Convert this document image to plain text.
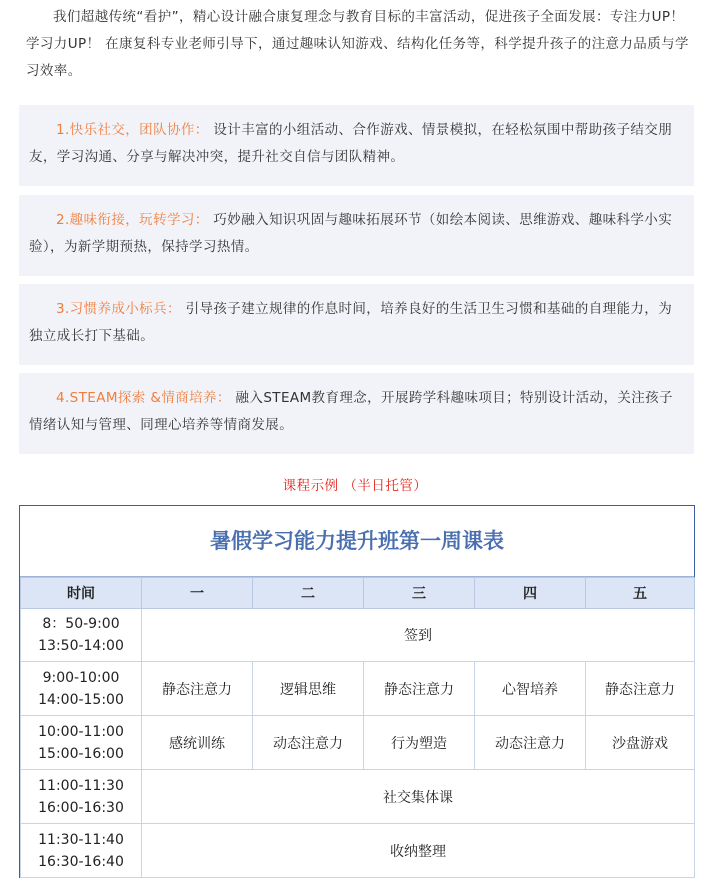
我们超越传统“看护”，精心设计融合康复理念与教育目标的丰富活动，促进孩子全面发展：专注力UP！学习力UP！ 在康复科专业老师引导下，通过趣味认知游戏、结构化任务等，科学提升孩子的注意力品质与学习效率。

1.快乐社交，团队协作： 设计丰富的小组活动、合作游戏、情景模拟，在轻松氛围中帮助孩子结交朋友，学习沟通、分享与解决冲突，提升社交自信与团队精神。
2.趣味衔接，玩转学习： 巧妙融入知识巩固与趣味拓展环节（如绘本阅读、思维游戏、趣味科学小实验），为新学期预热，保持学习热情。
3.习惯养成小标兵： 引导孩子建立规律的作息时间，培养良好的生活卫生习惯和基础的自理能力，为独立成长打下基础。
4.STEAM探索 &情商培养： 融入STEAM教育理念，开展跨学科趣味项目；特别设计活动，关注孩子情绪认知与管理、同理心培养等情商发展。
课程示例 （半日托管）
暑假学习能力提升班第一周课表
时间	一	二	三	四	五
8：50-9:00
13:50-14:00	签到				
9:00-10:00
14:00-15:00	静态注意力	逻辑思维	静态注意力	心智培养	静态注意力
10:00-11:00
15:00-16:00	感统训练	动态注意力	行为塑造	动态注意力	沙盘游戏
11:00-11:30
16:00-16:30	社交集体课				
11:30-11:40
16:30-16:40	收纳整理				
